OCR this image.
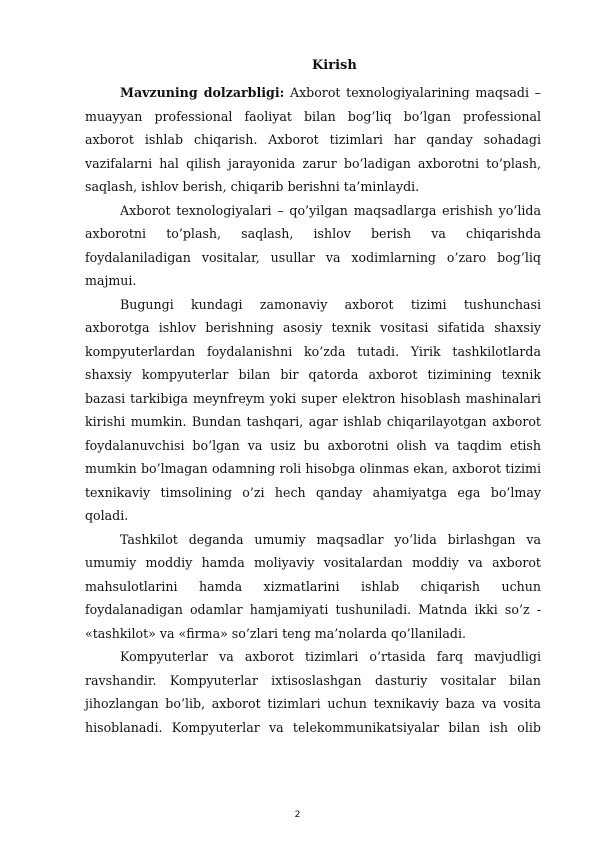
Kirish

Mavzuning dolzarbligi: Axborot texnologiyalarining maqsadi – muayyan professional faoliyat bilan bog’liq bo’lgan professional axborot ishlab chiqarish. Axborot tizimlari har qanday sohadagi vazifalarni hal qilish jarayonida zarur bo’ladigan axborotni to’plash, saqlash, ishlov berish, chiqarib berishni ta’minlaydi.

Axborot texnologiyalari – qo’yilgan maqsadlarga erishish yo’lida axborotni to’plash, saqlash, ishlov berish va chiqarishda foydalaniladigan vositalar, usullar va xodimlarning o’zaro bog’liq majmui.

Bugungi kundagi zamonaviy axborot tizimi tushunchasi axborotga ishlov berishning asosiy texnik vositasi sifatida shaxsiy kompyuterlardan foydalanishni ko’zda tutadi. Yirik tashkilotlarda shaxsiy kompyuterlar bilan bir qatorda axborot tizimining texnik bazasi tarkibiga meynfreym yoki super elektron hisoblash mashinalari kirishi mumkin. Bundan tashqari, agar ishlab chiqarilayotgan axborot foydalanuvchisi bo’lgan va usiz bu axborotni olish va taqdim etish mumkin bo’lmagan odamning roli hisobga olinmas ekan, axborot tizimi texnikaviy timsolining o’zi hech qanday ahamiyatga ega bo’lmay qoladi.

Tashkilot deganda umumiy maqsadlar yo’lida birlashgan va umumiy moddiy hamda moliyaviy vositalardan moddiy va axborot mahsulotlarini hamda xizmatlarini ishlab chiqarish uchun foydalanadigan odamlar hamjamiyati tushuniladi. Matnda ikki so’z - «tashkilot» va «firma» so’zlari teng ma’nolarda qo’llaniladi.

Kompyuterlar va axborot tizimlari o’rtasida farq mavjudligi ravshandir. Kompyuterlar ixtisoslashgan dasturiy vositalar bilan jihozlangan bo’lib, axborot tizimlari uchun texnikaviy baza va vosita hisoblanadi. Kompyuterlar va telekommunikatsiyalar bilan ish olib

2
